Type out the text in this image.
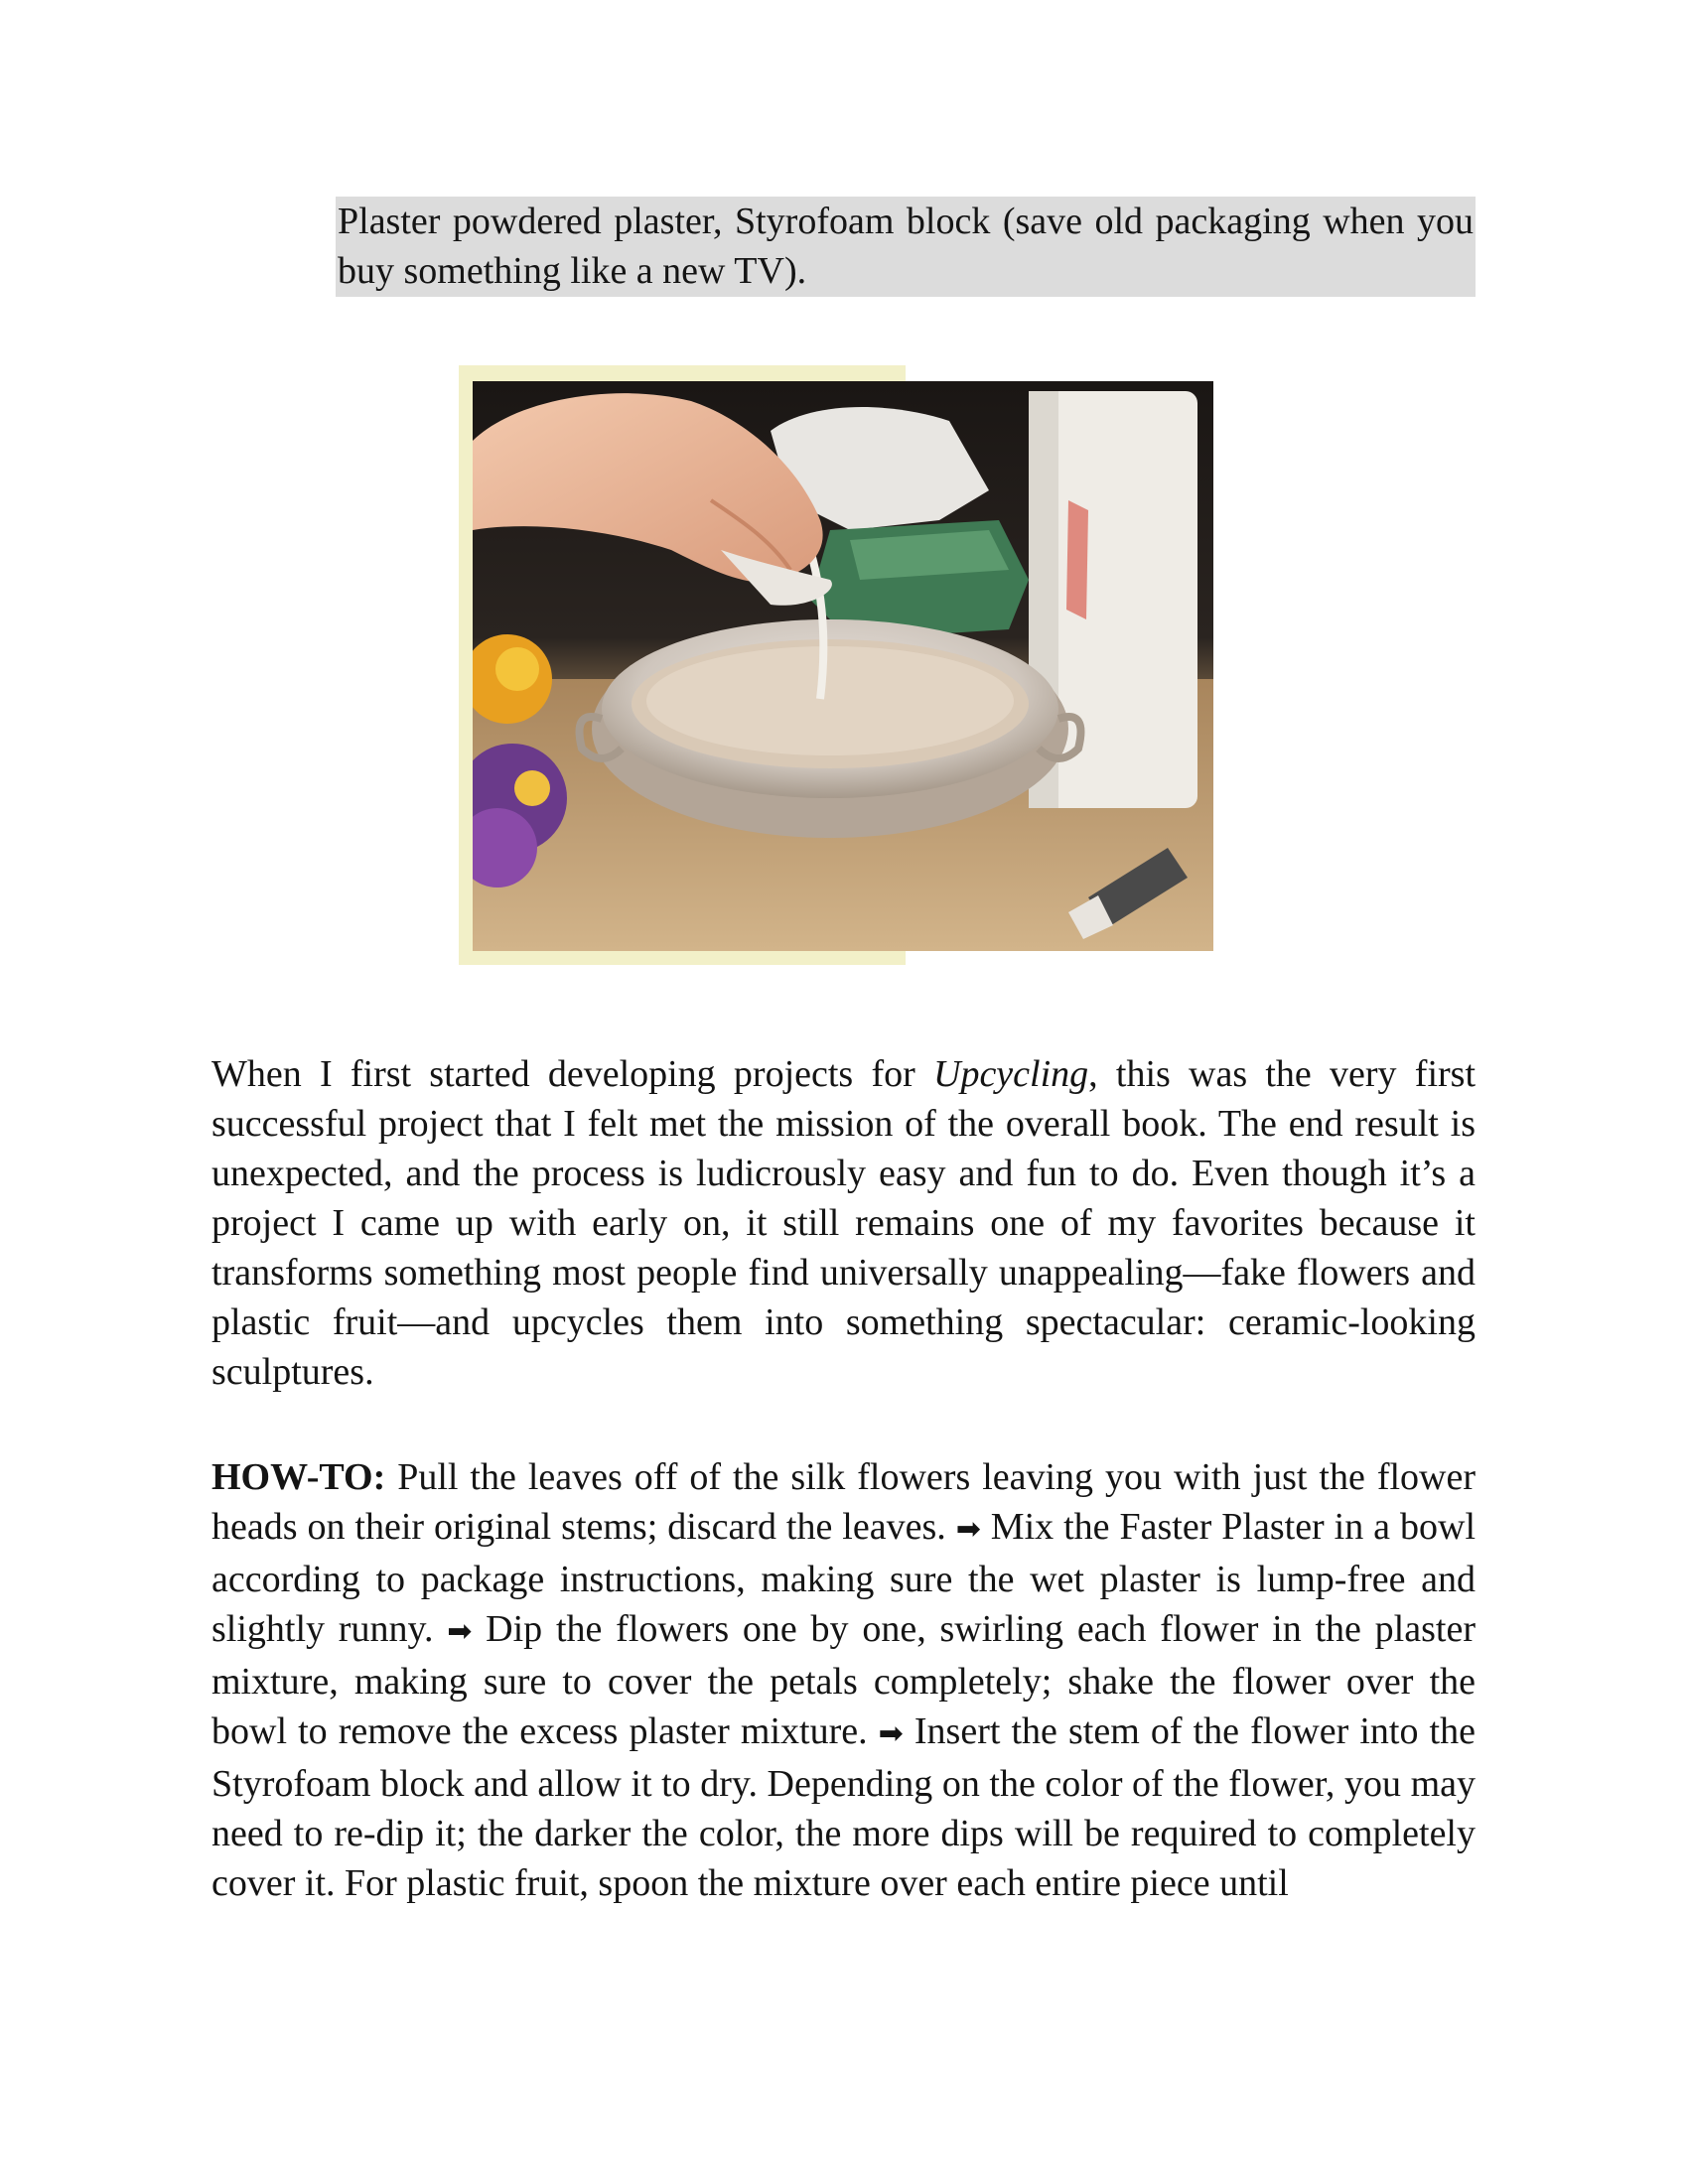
Plaster powdered plaster, Styrofoam block (save old packaging when you buy something like a new TV).

When I first started developing projects for Upcycling, this was the very first successful project that I felt met the mission of the overall book. The end result is unexpected, and the process is ludicrously easy and fun to do. Even though it’s a project I came up with early on, it still remains one of my favorites because it transforms something most people find universally unappealing—fake flowers and plastic fruit—and upcycles them into something spectacular: ceramic-looking sculptures.

HOW-TO: Pull the leaves off of the silk flowers leaving you with just the flower heads on their original stems; discard the leaves. ➡ Mix the Faster Plaster in a bowl according to package instructions, making sure the wet plaster is lump-free and slightly runny. ➡ Dip the flowers one by one, swirling each flower in the plaster mixture, making sure to cover the petals completely; shake the flower over the bowl to remove the excess plaster mixture. ➡ Insert the stem of the flower into the Styrofoam block and allow it to dry. Depending on the color of the flower, you may need to re-dip it; the darker the color, the more dips will be required to completely cover it. For plastic fruit, spoon the mixture over each entire piece until
